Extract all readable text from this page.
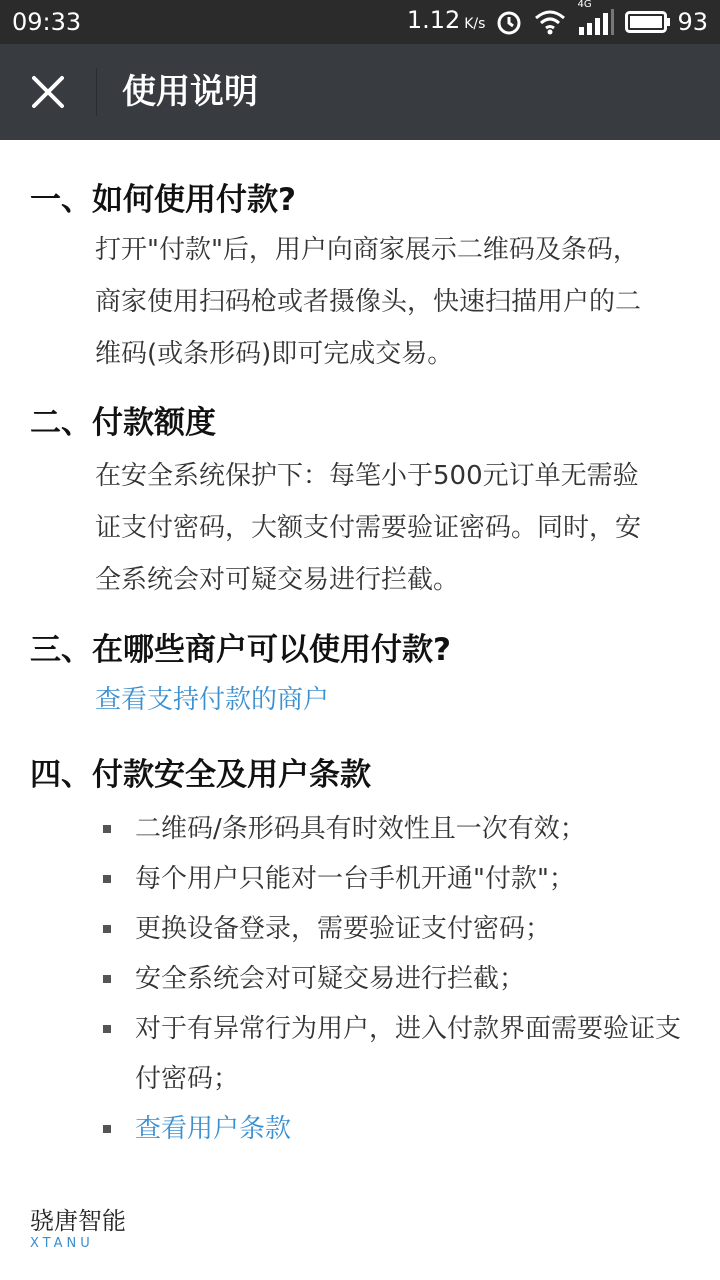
09:33	1.12 K/s
4G
93
使用说明
一、如何使用付款?
打开"付款"后，用户向商家展示二维码及条码，
商家使用扫码枪或者摄像头，快速扫描用户的二
维码(或条形码)即可完成交易。
二、付款额度
在安全系统保护下：每笔小于500元订单无需验
证支付密码，大额支付需要验证密码。同时，安
全系统会对可疑交易进行拦截。
三、在哪些商户可以使用付款?
查看支持付款的商户
四、付款安全及用户条款
二维码/条形码具有时效性且一次有效；
每个用户只能对一台手机开通"付款"；
更换设备登录，需要验证支付密码；
安全系统会对可疑交易进行拦截；
对于有异常行为用户，进入付款界面需要验证支付密码；
查看用户条款
骁唐智能
XTANU
